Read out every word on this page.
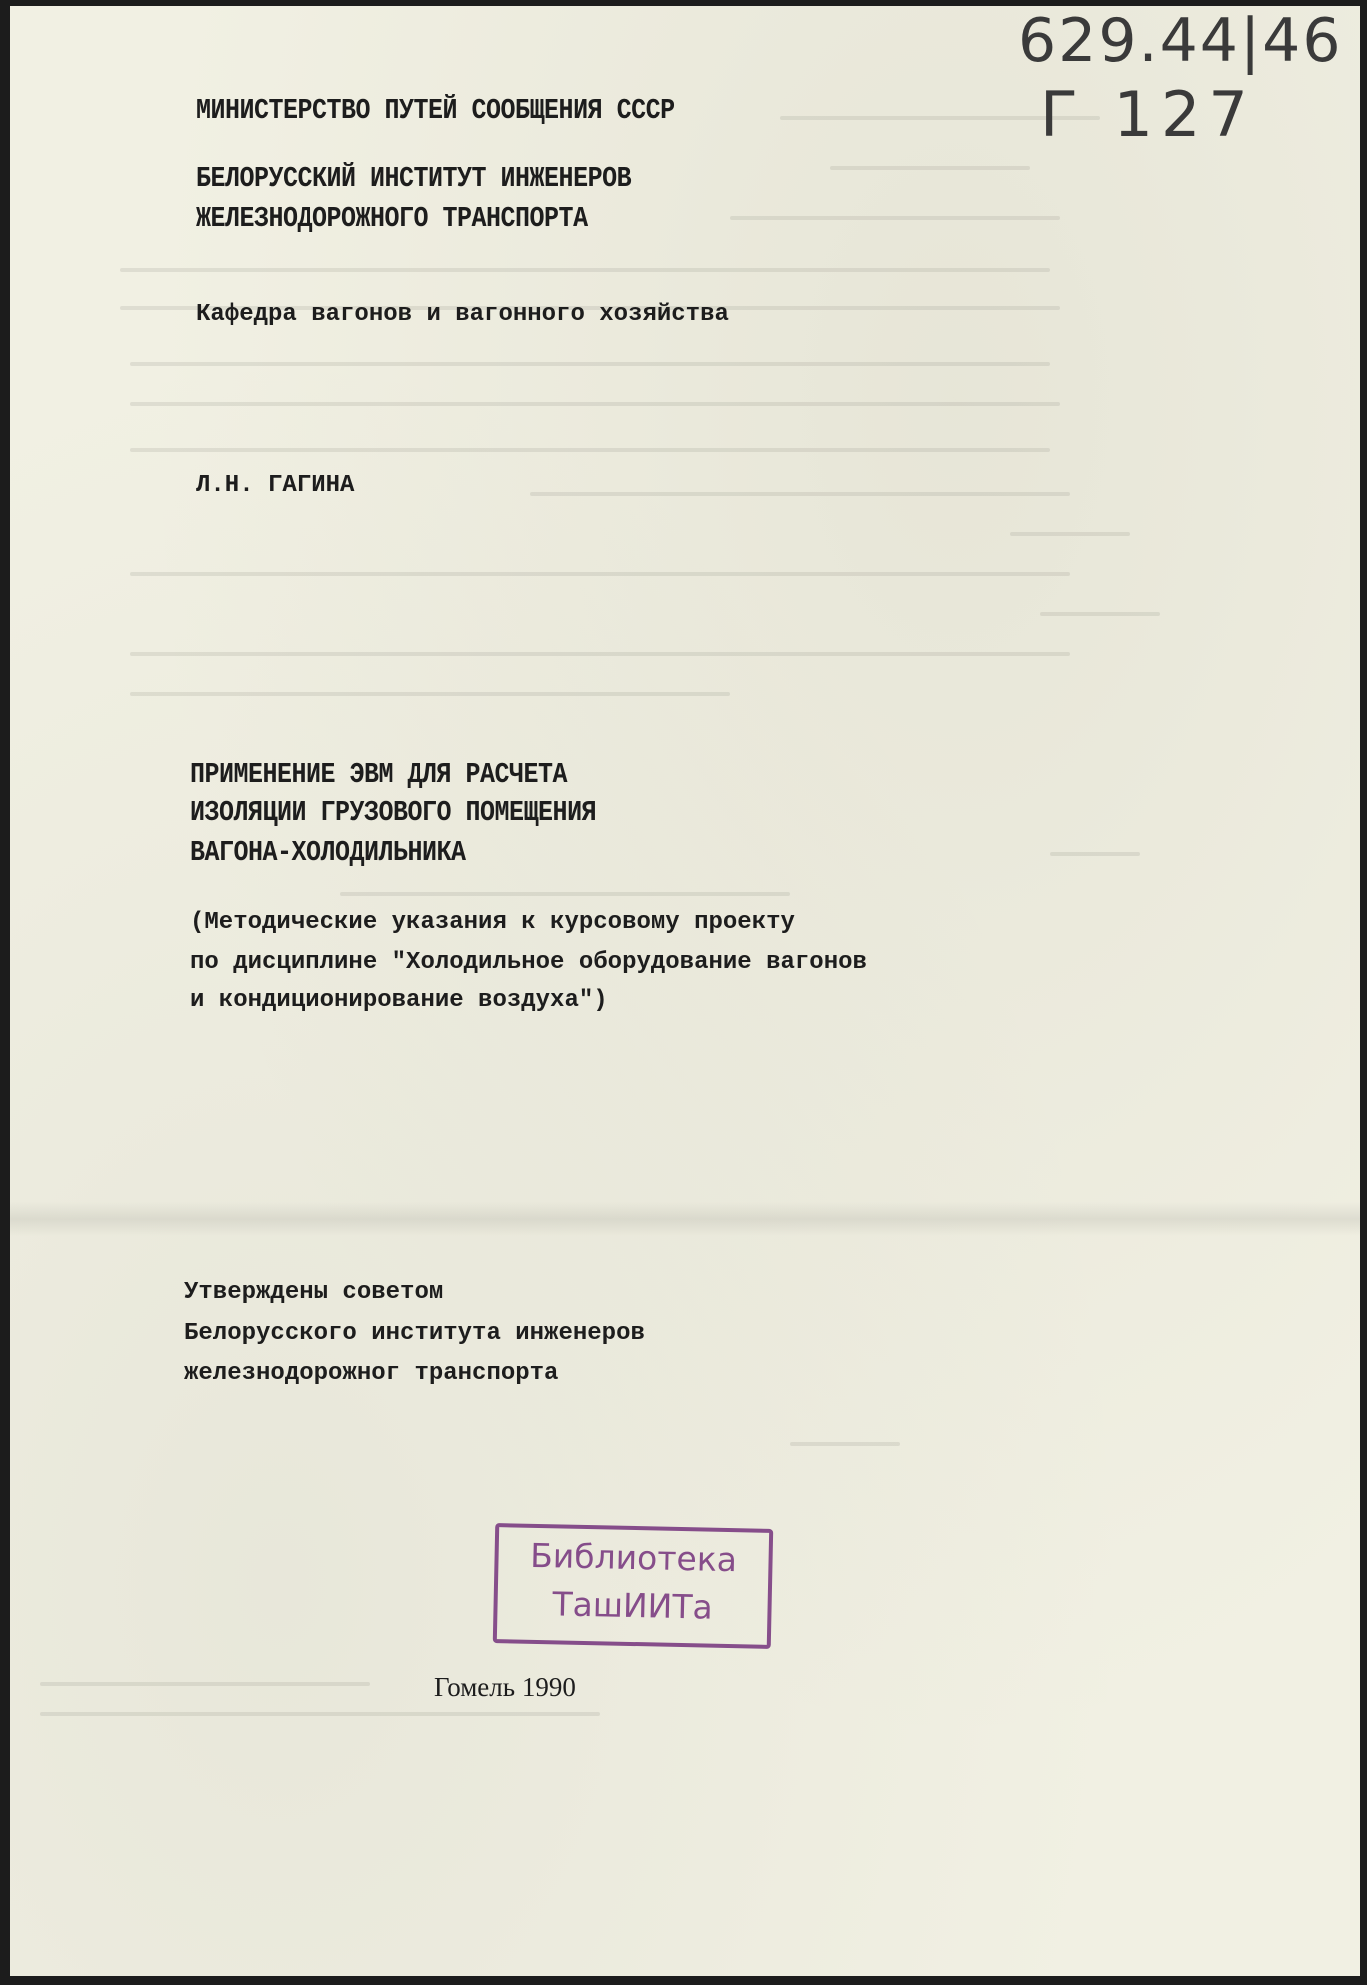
629.44|46
Г 127
МИНИСТЕРСТВО ПУТЕЙ СООБЩЕНИЯ СССР
БЕЛОРУССКИЙ ИНСТИТУТ ИНЖЕНЕРОВ
ЖЕЛЕЗНОДОРОЖНОГО ТРАНСПОРТА
Кафедра вагонов и вагонного хозяйства
Л.Н. ГАГИНА
ПРИМЕНЕНИЕ ЭВМ ДЛЯ РАСЧЕТА
ИЗОЛЯЦИИ ГРУЗОВОГО ПОМЕЩЕНИЯ
ВАГОНА-ХОЛОДИЛЬНИКА
(Методические указания к курсовому проекту
по дисциплине "Холодильное оборудование вагонов
и кондиционирование воздуха")
Утверждены советом
Белорусского института инженеров
железнодорожног транспорта
Библиотека
ТашИИТа
Гомель 1990
